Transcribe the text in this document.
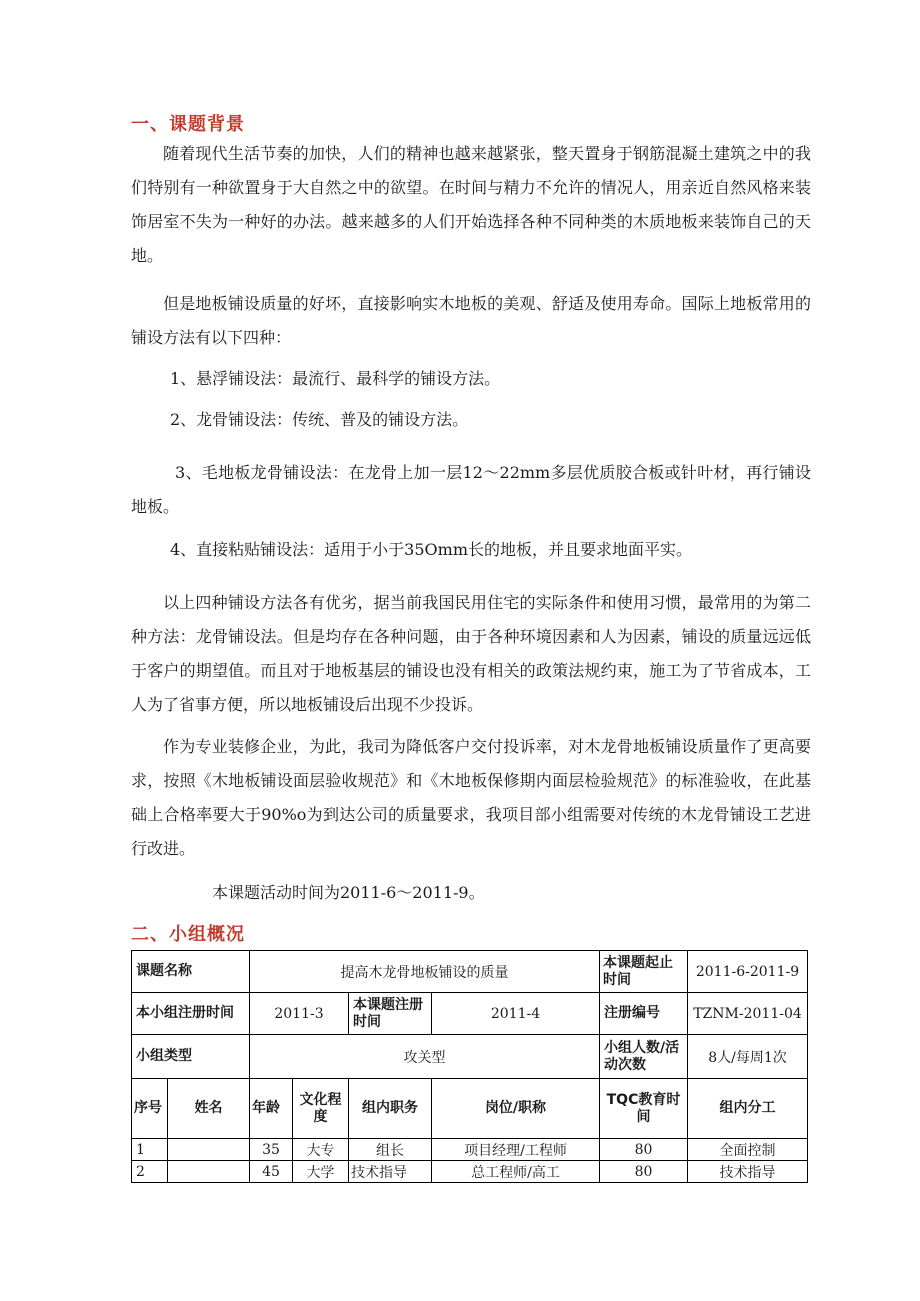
一、课题背景

随着现代生活节奏的加快，人们的精神也越来越紧张，整天置身于钢筋混凝土建筑之中的我们特别有一种欲置身于大自然之中的欲望。在时间与精力不允许的情况人，用亲近自然风格来装饰居室不失为一种好的办法。越来越多的人们开始选择各种不同种类的木质地板来装饰自己的天地。

但是地板铺设质量的好坏，直接影响实木地板的美观、舒适及使用寿命。国际上地板常用的铺设方法有以下四种：

1、悬浮铺设法：最流行、最科学的铺设方法。

2、龙骨铺设法：传统、普及的铺设方法。

3、毛地板龙骨铺设法：在龙骨上加一层12～22mm多层优质胶合板或针叶材，再行铺设地板。

4、直接粘贴铺设法：适用于小于35Omm长的地板，并且要求地面平实。

以上四种铺设方法各有优劣，据当前我国民用住宅的实际条件和使用习惯，最常用的为第二种方法：龙骨铺设法。但是均存在各种问题，由于各种环境因素和人为因素，铺设的质量远远低于客户的期望值。而且对于地板基层的铺设也没有相关的政策法规约束，施工为了节省成本，工人为了省事方便，所以地板铺设后出现不少投诉。

作为专业装修企业，为此，我司为降低客户交付投诉率，对木龙骨地板铺设质量作了更高要求，按照《木地板铺设面层验收规范》和《木地板保修期内面层检验规范》的标准验收，在此基础上合格率要大于90%o为到达公司的质量要求，我项目部小组需要对传统的木龙骨铺设工艺进行改进。

本课题活动时间为2011-6～2011-9。

二、小组概况
课题名称		提高木龙骨地板铺设的质量				本课题起止时间	2011-6-2011-9
本小组注册时间		2011-3		本课题注册时间	2011-4	注册编号	TZNM-2011-04
小组类型		攻关型				小组人数/活动次数	8人/每周1次
序号	姓名	年龄	文化程度	组内职务	岗位/职称	TQC教育时间	组内分工
1		35	大专	组长	项目经理/工程师	80	全面控制
2		45	大学	技术指导	总工程师/高工	80	技术指导
